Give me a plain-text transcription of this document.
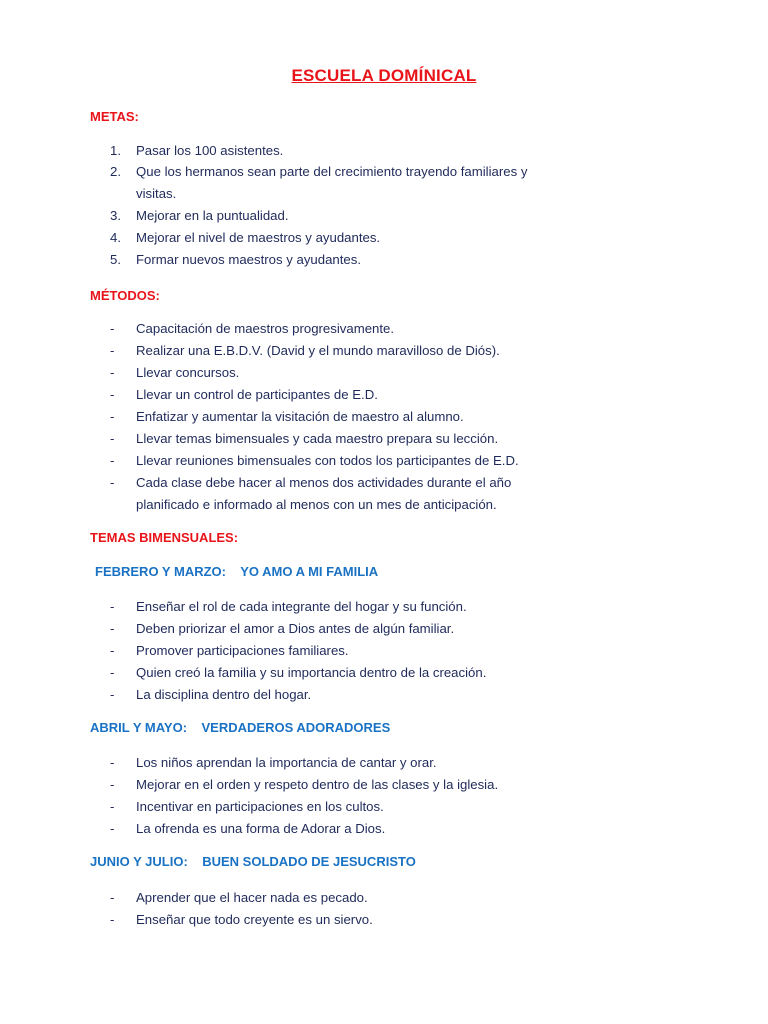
ESCUELA DOMÍNICAL
METAS:
1. Pasar los 100 asistentes.
2. Que los hermanos sean parte del crecimiento trayendo familiares y visitas.
3. Mejorar en la puntualidad.
4. Mejorar el nivel de maestros y ayudantes.
5. Formar nuevos maestros y ayudantes.
MÉTODOS:
- Capacitación de maestros progresivamente.
- Realizar una E.B.D.V. (David y el mundo maravilloso de Diós).
- Llevar concursos.
- Llevar un control de participantes de E.D.
- Enfatizar y aumentar la visitación de maestro al alumno.
- Llevar temas bimensuales y cada maestro prepara su lección.
- Llevar reuniones bimensuales con todos los participantes de E.D.
- Cada clase debe hacer al menos dos actividades durante el año planificado e informado al menos con un mes de anticipación.
TEMAS BIMENSUALES:
FEBRERO Y MARZO: YO AMO A MI FAMILIA
- Enseñar el rol de cada integrante del hogar y su función.
- Deben priorizar el amor a Dios antes de algún familiar.
- Promover participaciones familiares.
- Quien creó la familia y su importancia dentro de la creación.
- La disciplina dentro del hogar.
ABRIL Y MAYO: VERDADEROS ADORADORES
- Los niños aprendan la importancia de cantar y orar.
- Mejorar en el orden y respeto dentro de las clases y la iglesia.
- Incentivar en participaciones en los cultos.
- La ofrenda es una forma de Adorar a Dios.
JUNIO Y JULIO: BUEN SOLDADO DE JESUCRISTO
- Aprender que el hacer nada es pecado.
- Enseñar que todo creyente es un siervo.
